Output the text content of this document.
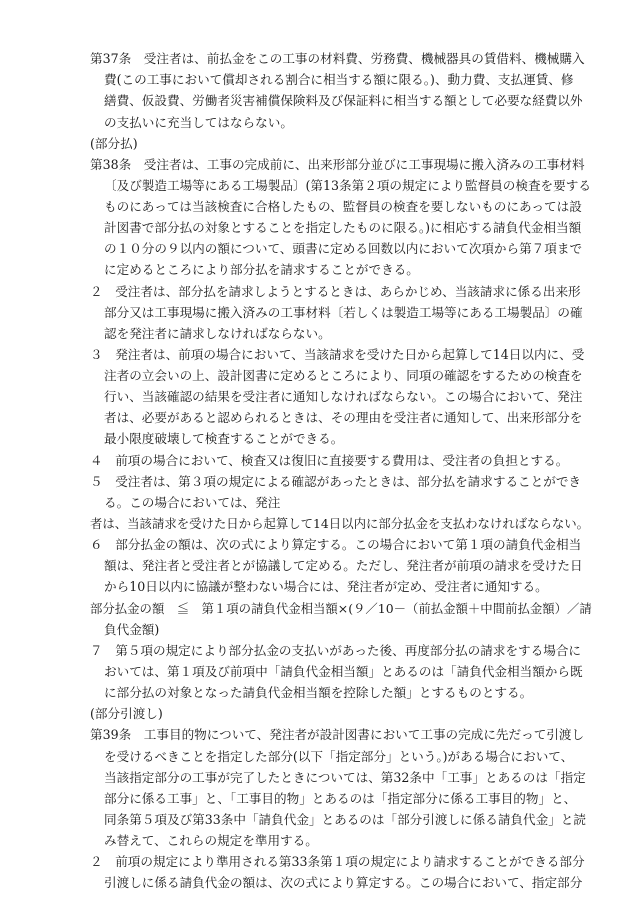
第37条　受注者は、前払金をこの工事の材料費、労務費、機械器具の賃借料、機械購入
費(この工事において償却される割合に相当する額に限る。)、動力費、支払運賃、修
繕費、仮設費、労働者災害補償保険料及び保証料に相当する額として必要な経費以外
の支払いに充当してはならない。
(部分払)
第38条　受注者は、工事の完成前に、出来形部分並びに工事現場に搬入済みの工事材料
〔及び製造工場等にある工場製品〕(第13条第２項の規定により監督員の検査を要する
ものにあっては当該検査に合格したもの、監督員の検査を要しないものにあっては設
計図書で部分払の対象とすることを指定したものに限る。)に相応する請負代金相当額
の１０分の９以内の額について、頭書に定める回数以内において次項から第７項まで
に定めるところにより部分払を請求することができる。
２　受注者は、部分払を請求しようとするときは、あらかじめ、当該請求に係る出来形
部分又は工事現場に搬入済みの工事材料〔若しくは製造工場等にある工場製品〕の確
認を発注者に請求しなければならない。
３　発注者は、前項の場合において、当該請求を受けた日から起算して14日以内に、受
注者の立会いの上、設計図書に定めるところにより、同項の確認をするための検査を
行い、当該確認の結果を受注者に通知しなければならない。この場合において、発注
者は、必要があると認められるときは、その理由を受注者に通知して、出来形部分を
最小限度破壊して検査することができる。
４　前項の場合において、検査又は復旧に直接要する費用は、受注者の負担とする。
５　受注者は、第３項の規定による確認があったときは、部分払を請求することができ
る。この場合においては、発注
者は、当該請求を受けた日から起算して14日以内に部分払金を支払わなければならない。
６　部分払金の額は、次の式により算定する。この場合において第１項の請負代金相当
額は、発注者と受注者とが協議して定める。ただし、発注者が前項の請求を受けた日
から10日以内に協議が整わない場合には、発注者が定め、受注者に通知する。
部分払金の額　≦　第１項の請負代金相当額×(９／10－（前払金額＋中間前払金額）／請
負代金額)
７　第５項の規定により部分払金の支払いがあった後、再度部分払の請求をする場合に
おいては、第１項及び前項中「請負代金相当額」とあるのは「請負代金相当額から既
に部分払の対象となった請負代金相当額を控除した額」とするものとする。
(部分引渡し)
第39条　工事目的物について、発注者が設計図書において工事の完成に先だって引渡し
を受けるべきことを指定した部分(以下「指定部分」という。)がある場合において、
当該指定部分の工事が完了したときについては、第32条中「工事」とあるのは「指定
部分に係る工事」と、「工事目的物」とあるのは「指定部分に係る工事目的物」と、
同条第５項及び第33条中「請負代金」とあるのは「部分引渡しに係る請負代金」と読
み替えて、これらの規定を準用する。
２　前項の規定により準用される第33条第１項の規定により請求することができる部分
引渡しに係る請負代金の額は、次の式により算定する。この場合において、指定部分
